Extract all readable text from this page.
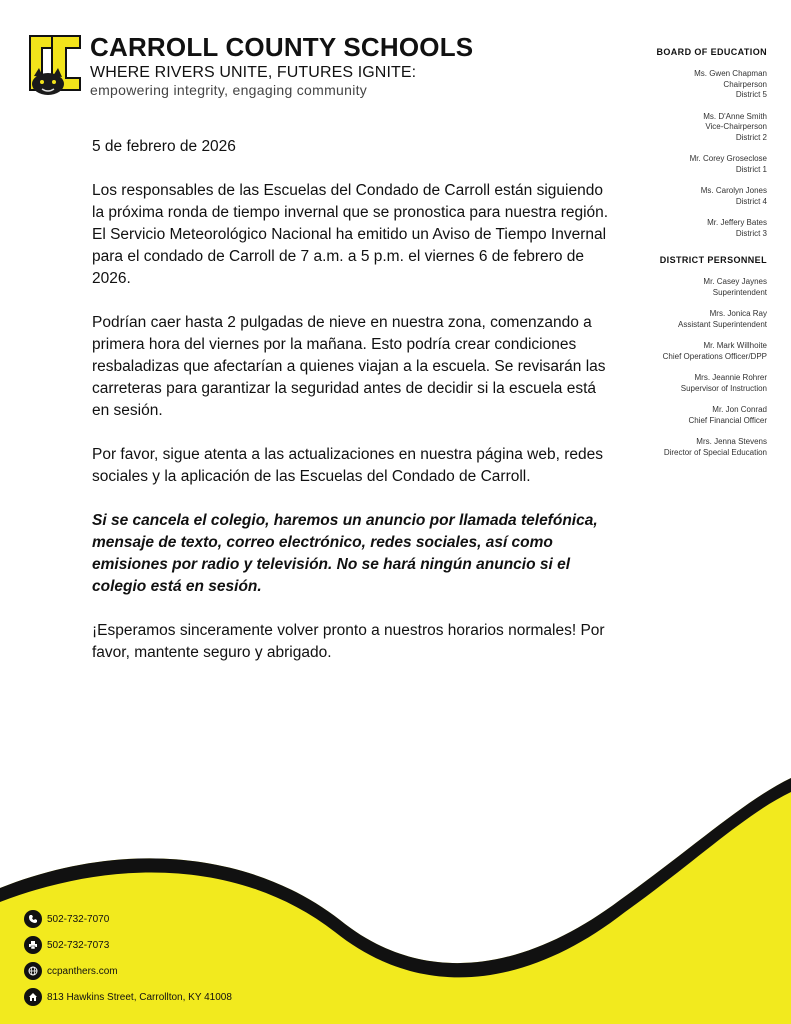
CARROLL COUNTY SCHOOLS
WHERE RIVERS UNITE, FUTURES IGNITE:
empowering integrity, engaging community

5 de febrero de 2026

Los responsables de las Escuelas del Condado de Carroll están siguiendo la próxima ronda de tiempo invernal que se pronostica para nuestra región. El Servicio Meteorológico Nacional ha emitido un Aviso de Tiempo Invernal para el condado de Carroll de 7 a.m. a 5 p.m. el viernes 6 de febrero de 2026.

Podrían caer hasta 2 pulgadas de nieve en nuestra zona, comenzando a primera hora del viernes por la mañana. Esto podría crear condiciones resbaladizas que afectarían a quienes viajan a la escuela. Se revisarán las carreteras para garantizar la seguridad antes de decidir si la escuela está en sesión.

Por favor, sigue atenta a las actualizaciones en nuestra página web, redes sociales y la aplicación de las Escuelas del Condado de Carroll.

Si se cancela el colegio, haremos un anuncio por llamada telefónica, mensaje de texto, correo electrónico, redes sociales, así como emisiones por radio y televisión. No se hará ningún anuncio si el colegio está en sesión.

¡Esperamos sinceramente volver pronto a nuestros horarios normales! Por favor, mantente seguro y abrigado.

BOARD OF EDUCATION
Ms. Gwen Chapman
Chairperson
District 5
Ms. D'Anne Smith
Vice-Chairperson
District 2
Mr. Corey Groseclose
District 1
Ms. Carolyn Jones
District 4
Mr. Jeffery Bates
District 3
DISTRICT PERSONNEL
Mr. Casey Jaynes
Superintendent
Mrs. Jonica Ray
Assistant Superintendent
Mr. Mark Willhoite
Chief Operations Officer/DPP
Mrs. Jeannie Rohrer
Supervisor of Instruction
Mr. Jon Conrad
Chief Financial Officer
Mrs. Jenna Stevens
Director of Special Education
502-732-7070
502-732-7073
ccpanthers.com
813 Hawkins Street, Carrollton, KY 41008
